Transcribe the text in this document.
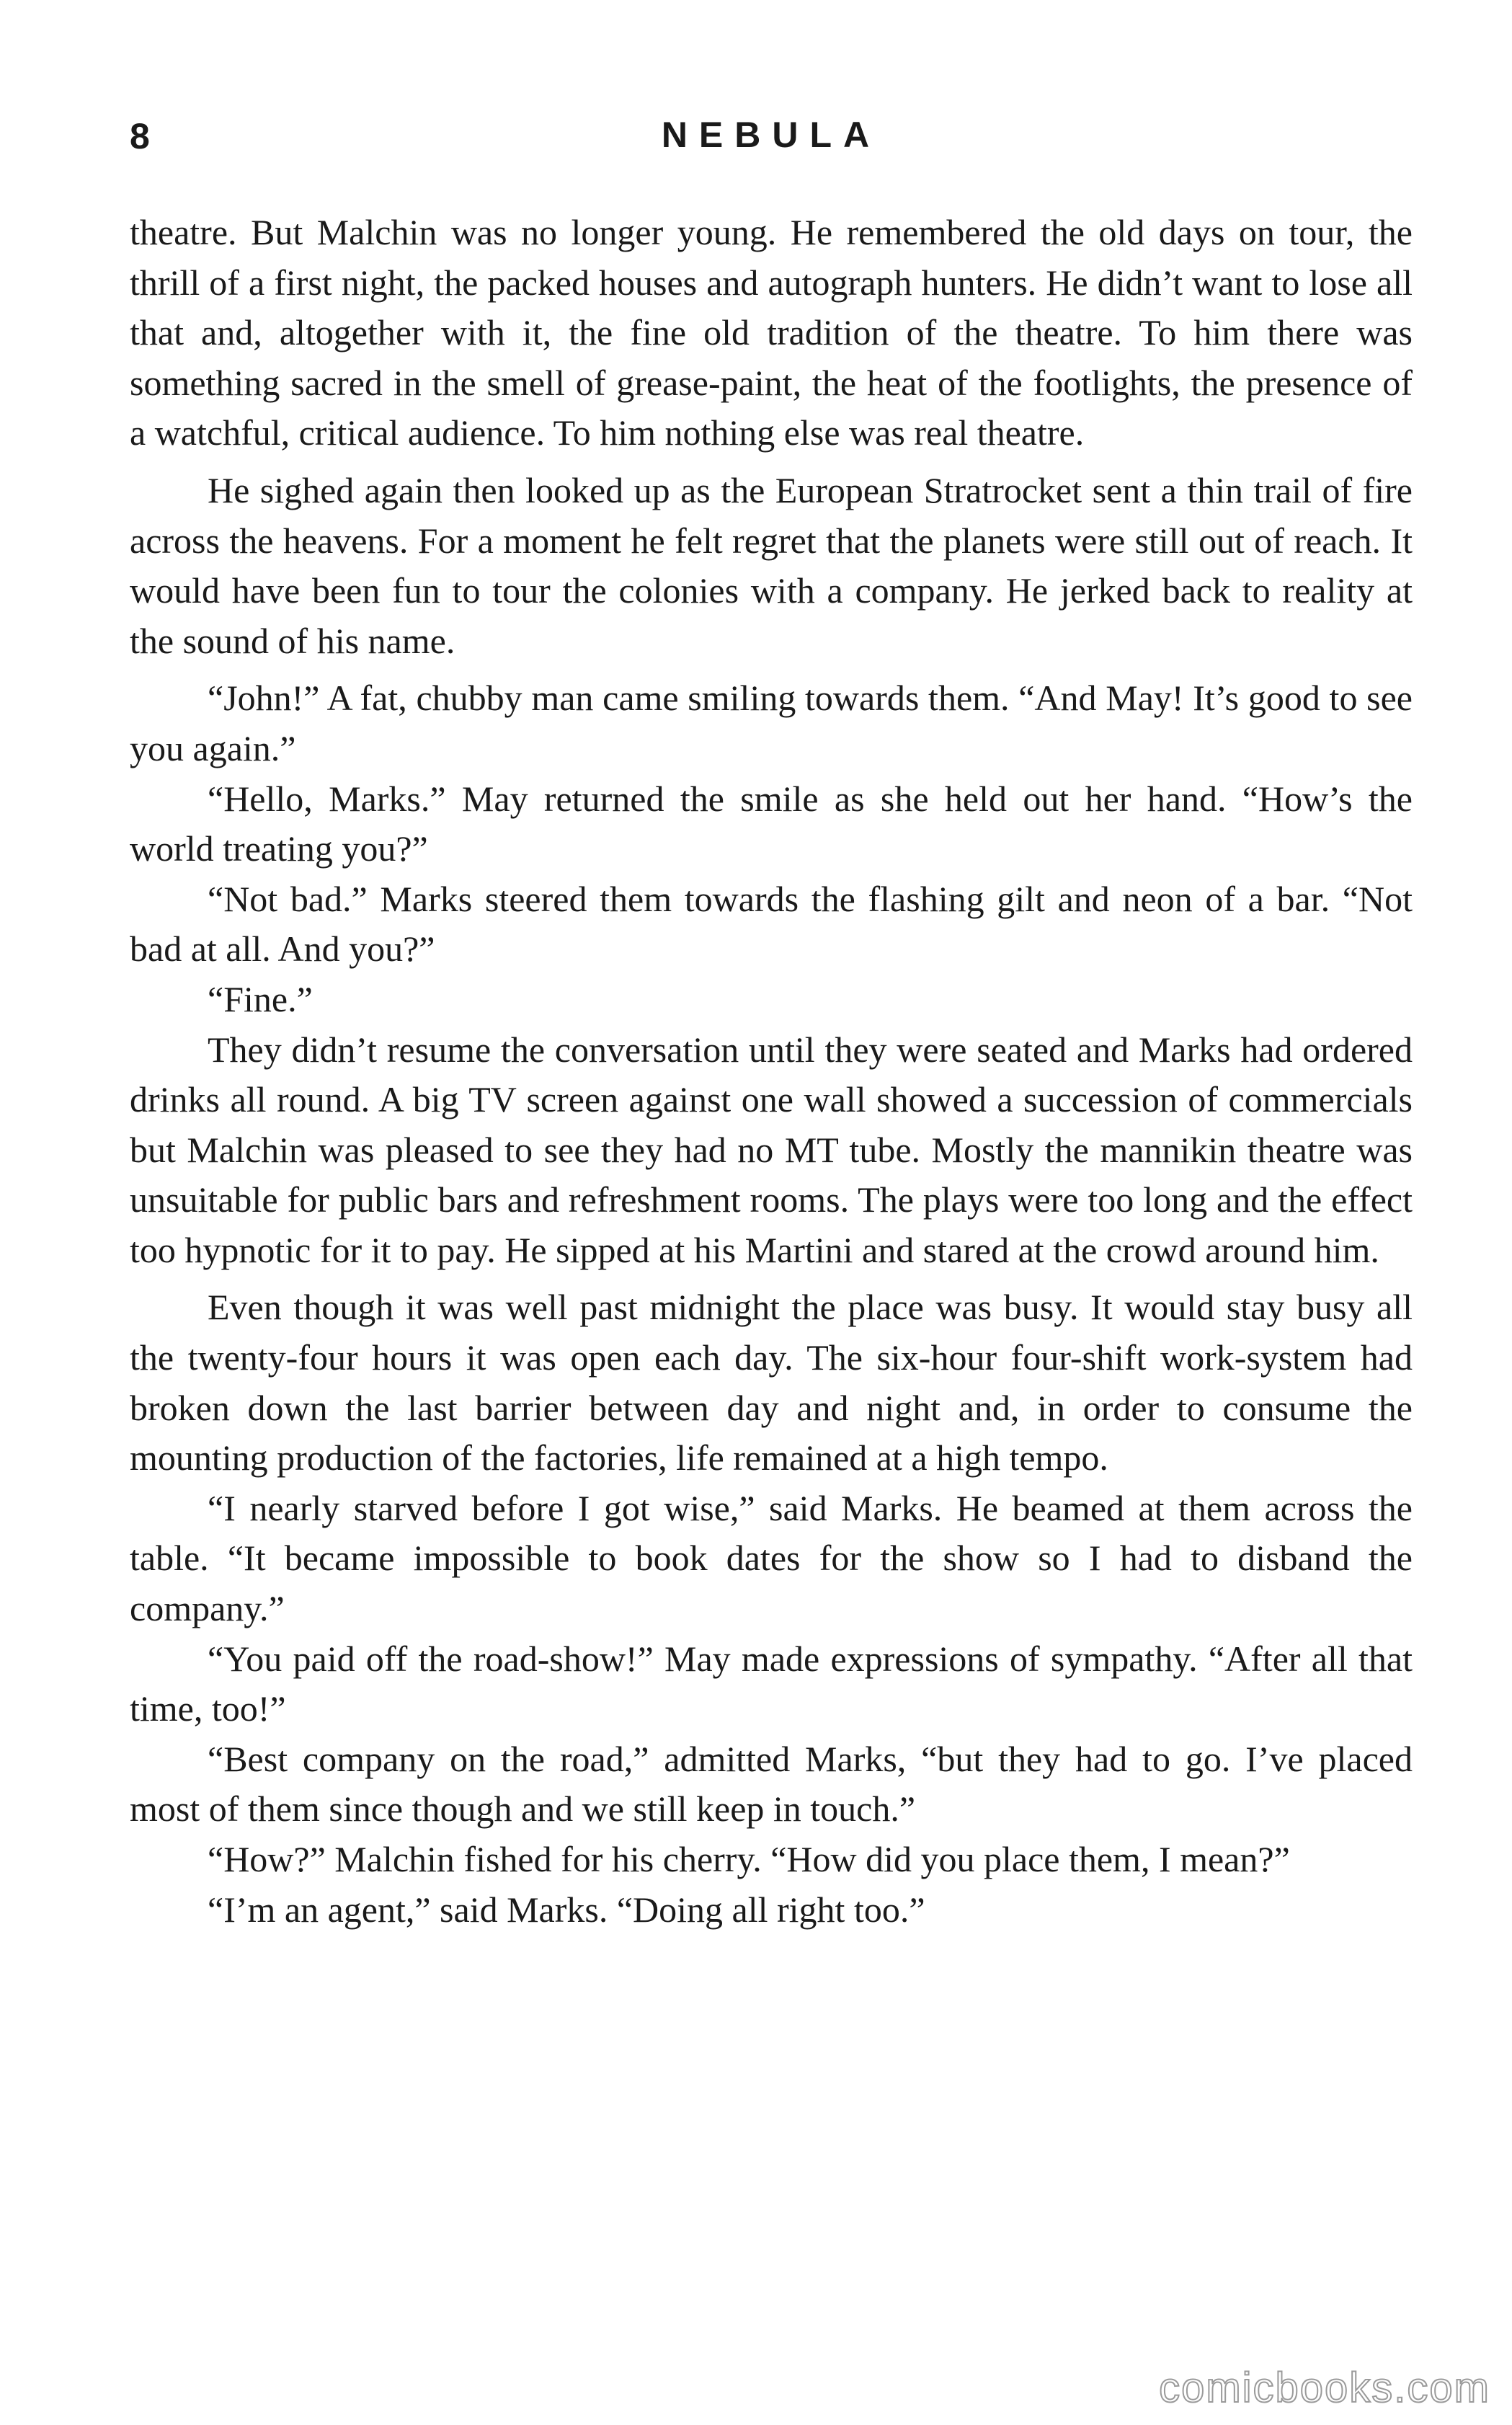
8	NEBULA

theatre. But Malchin was no longer young. He remembered the old days on tour, the thrill of a first night, the packed houses and autograph hunters. He didn’t want to lose all that and, altogether with it, the fine old tradition of the theatre. To him there was something sacred in the smell of grease-paint, the heat of the footlights, the presence of a watchful, critical audience. To him nothing else was real theatre.

He sighed again then looked up as the European Stratrocket sent a thin trail of fire across the heavens. For a moment he felt regret that the planets were still out of reach. It would have been fun to tour the colonies with a company. He jerked back to reality at the sound of his name.

“John!” A fat, chubby man came smiling towards them. “And May! It’s good to see you again.”

“Hello, Marks.” May returned the smile as she held out her hand. “How’s the world treating you?”

“Not bad.” Marks steered them towards the flashing gilt and neon of a bar. “Not bad at all. And you?”

“Fine.”

They didn’t resume the conversation until they were seated and Marks had ordered drinks all round. A big TV screen against one wall showed a succession of commercials but Malchin was pleased to see they had no MT tube. Mostly the mannikin theatre was unsuitable for public bars and refreshment rooms. The plays were too long and the effect too hypnotic for it to pay. He sipped at his Martini and stared at the crowd around him.

Even though it was well past midnight the place was busy. It would stay busy all the twenty-four hours it was open each day. The six-hour four-shift work-system had broken down the last barrier between day and night and, in order to consume the mounting production of the factories, life remained at a high tempo.

“I nearly starved before I got wise,” said Marks. He beamed at them across the table. “It became impossible to book dates for the show so I had to disband the company.”

“You paid off the road-show!” May made expressions of sympathy. “After all that time, too!”

“Best company on the road,” admitted Marks, “but they had to go. I’ve placed most of them since though and we still keep in touch.”

“How?” Malchin fished for his cherry. “How did you place them, I mean?”

“I’m an agent,” said Marks. “Doing all right too.”

comicbooks.com
